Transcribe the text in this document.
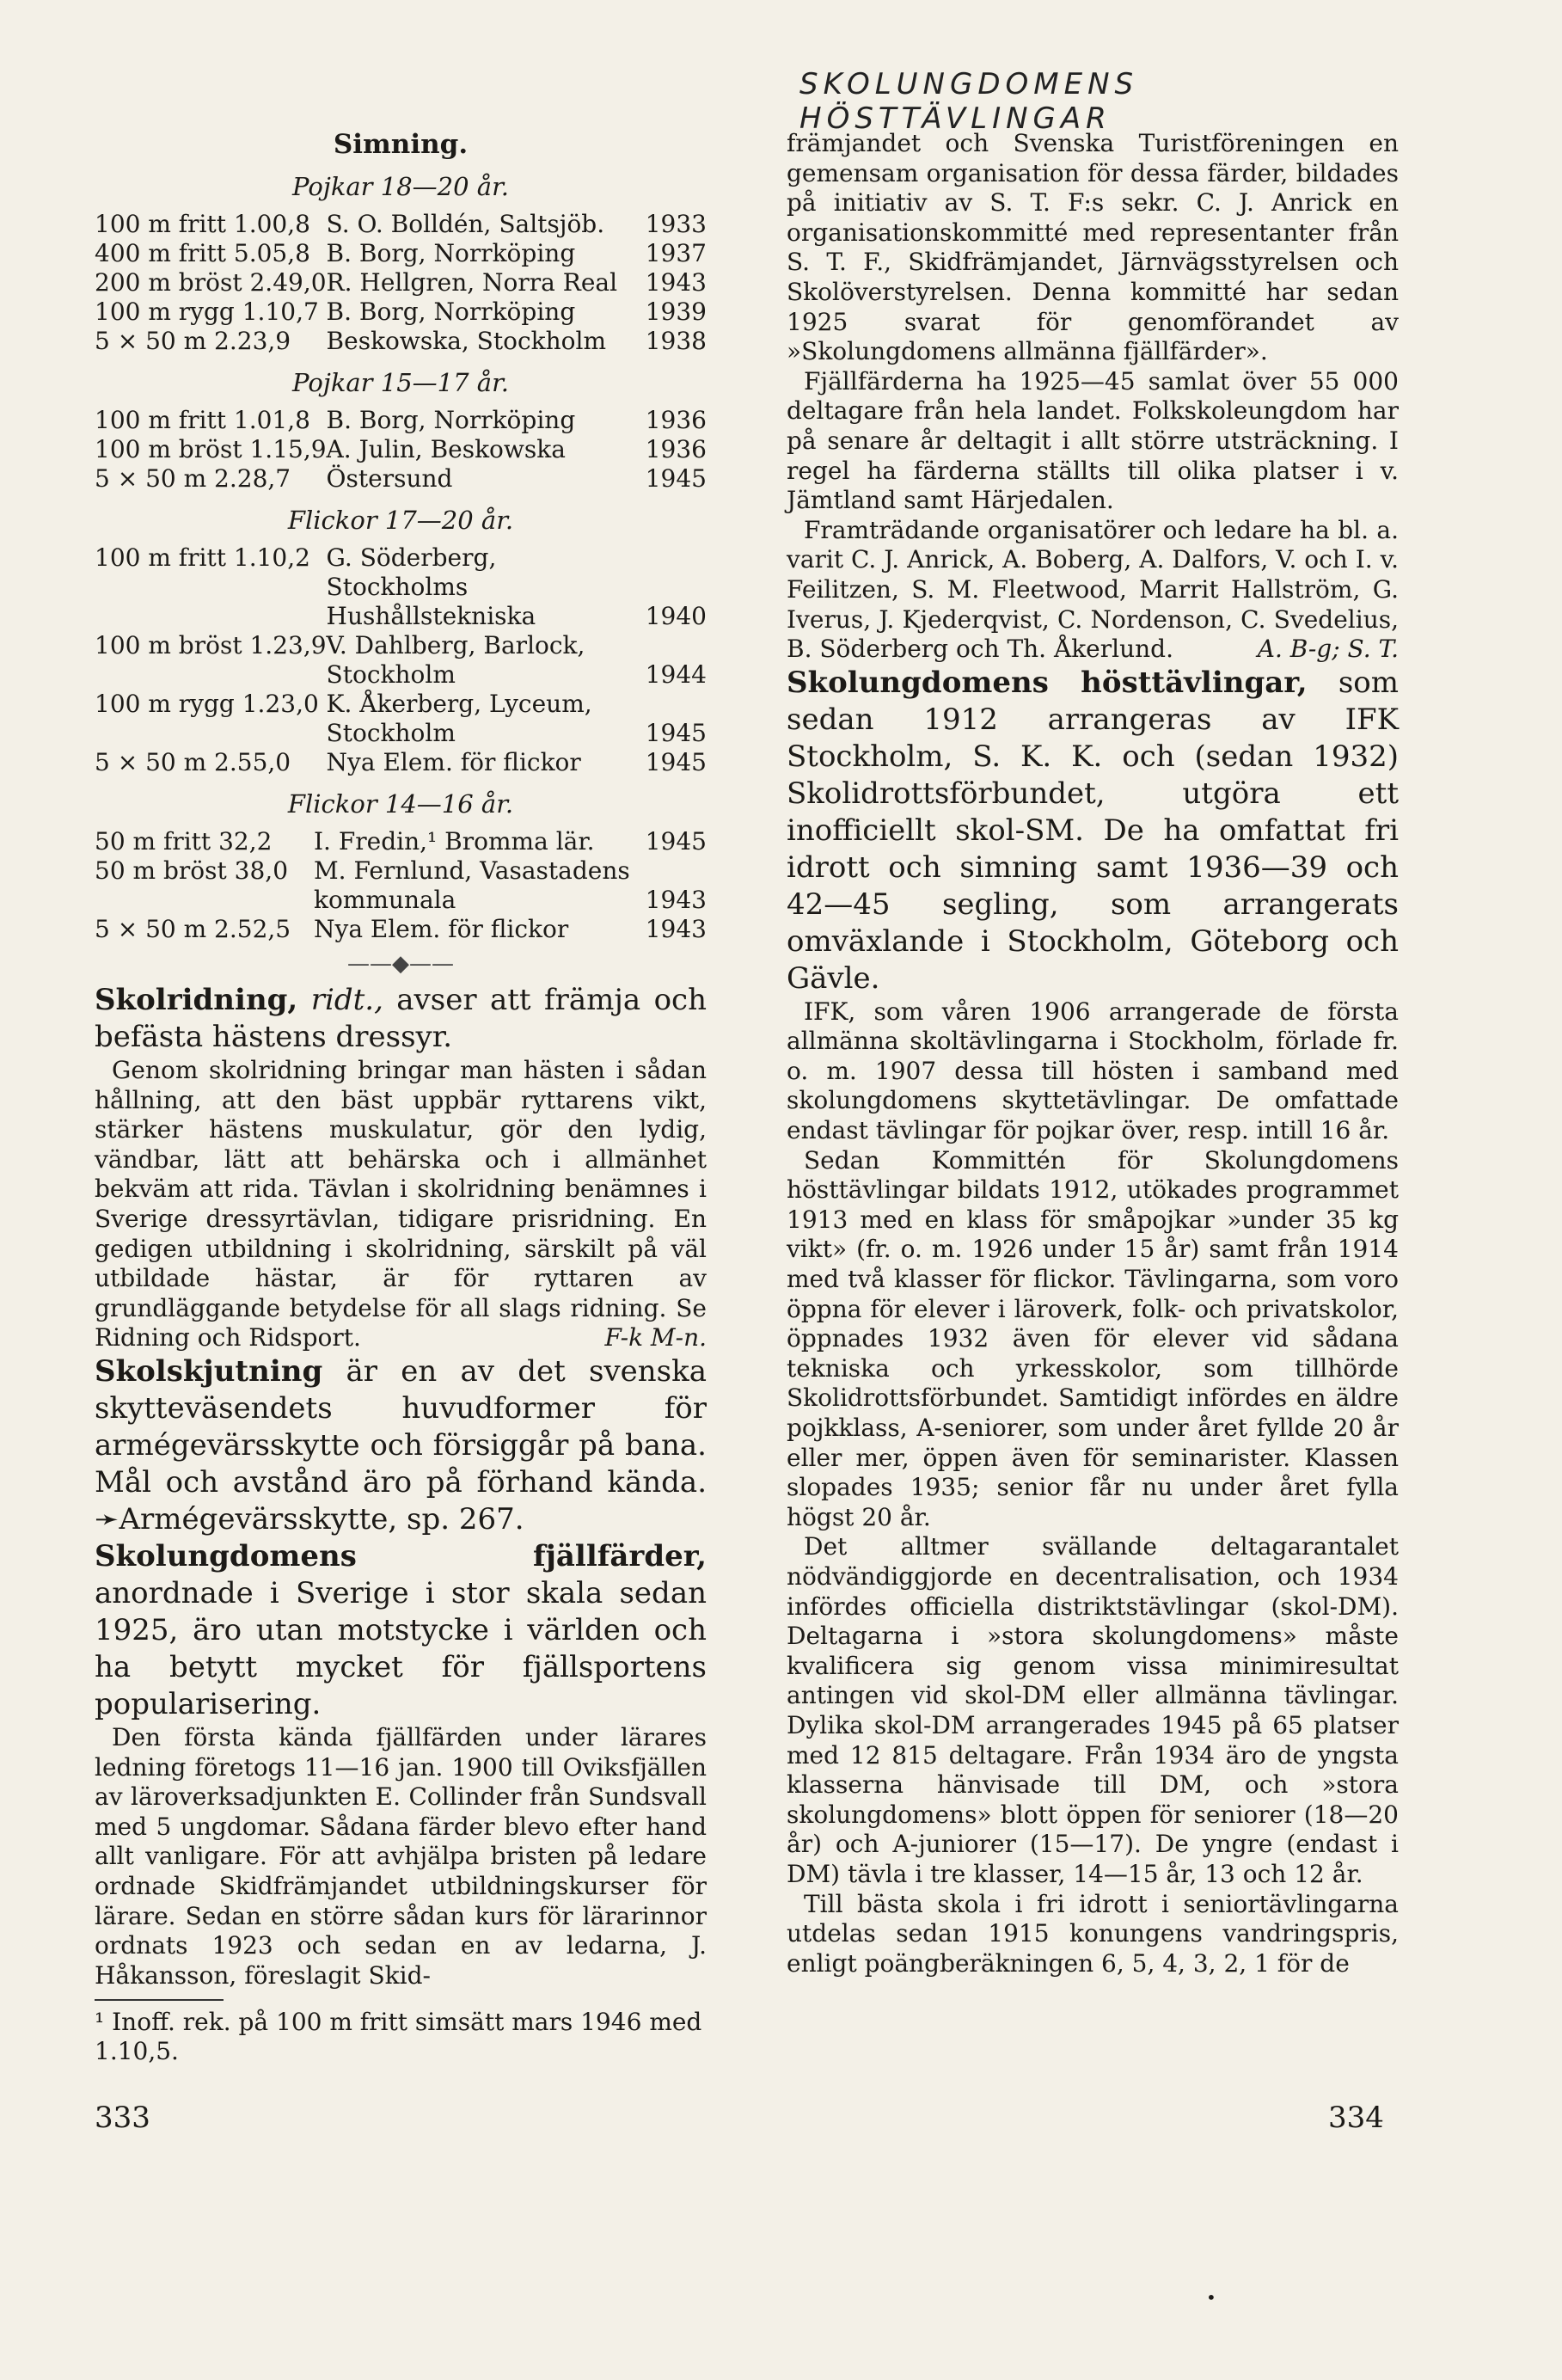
SKOLUNGDOMENS HÖSTTÄVLINGAR
Simning.
Pojkar 18—20 år.
100 m fritt 1.00,8	S. O. Bolldén, Saltsjöb.	1933
400 m fritt 5.05,8	B. Borg, Norrköping	1937
200 m bröst 2.49,0	R. Hellgren, Norra Real	1943
100 m rygg 1.10,7	B. Borg, Norrköping	1939
5 × 50 m 2.23,9	Beskowska, Stockholm	1938
Pojkar 15—17 år.
100 m fritt 1.01,8	B. Borg, Norrköping	1936
100 m bröst 1.15,9	A. Julin, Beskowska	1936
5 × 50 m 2.28,7	Östersund	1945
Flickor 17—20 år.
100 m fritt 1.10,2	G. Söderberg, Stockholms Hushållstekniska	1940
100 m bröst 1.23,9	V. Dahlberg, Barlock, Stockholm	1944
100 m rygg 1.23,0	K. Åkerberg, Lyceum, Stockholm	1945
5 × 50 m 2.55,0	Nya Elem. för flickor	1945
Flickor 14—16 år.
50 m fritt 32,2	I. Fredin,¹ Bromma lär.	1945
50 m bröst 38,0	M. Fernlund, Vasastadens kommunala	1943
5 × 50 m 2.52,5	Nya Elem. för flickor	1943
——◆——

Skolridning, ridt., avser att främja och befästa hästens dressyr.

Genom skolridning bringar man hästen i sådan hållning, att den bäst uppbär ryttarens vikt, stärker hästens muskulatur, gör den lydig, vändbar, lätt att behärska och i allmänhet bekväm att rida. Tävlan i skolridning benämnes i Sverige dressyrtävlan, tidigare prisridning. En gedigen utbildning i skolridning, särskilt på väl utbildade hästar, är för ryttaren av grundläggande betydelse för all slags ridning. Se Ridning och Ridsport.	F-k M-n.

Skolskjutning är en av det svenska skytteväsendets huvudformer för armégevärsskytte och försiggår på bana. Mål och avstånd äro på förhand kända. ➛Armégevärsskytte, sp. 267.

Skolungdomens fjällfärder, anordnade i Sverige i stor skala sedan 1925, äro utan motstycke i världen och ha betytt mycket för fjällsportens popularisering.

Den första kända fjällfärden under lärares ledning företogs 11—16 jan. 1900 till Oviksfjällen av läroverksadjunkten E. Collinder från Sundsvall med 5 ungdomar. Sådana färder blevo efter hand allt vanligare. För att avhjälpa bristen på ledare ordnade Skidfrämjandet utbildningskurser för lärare. Sedan en större sådan kurs för lärarinnor ordnats 1923 och sedan en av ledarna, J. Håkansson, föreslagit Skid-

¹ Inoff. rek. på 100 m fritt simsätt mars 1946 med 1.10,5.

främjandet och Svenska Turistföreningen en gemensam organisation för dessa färder, bildades på initiativ av S. T. F:s sekr. C. J. Anrick en organisationskommitté med representanter från S. T. F., Skidfrämjandet, Järnvägsstyrelsen och Skolöverstyrelsen. Denna kommitté har sedan 1925 svarat för genomförandet av »Skolungdomens allmänna fjällfärder».

Fjällfärderna ha 1925—45 samlat över 55 000 deltagare från hela landet. Folkskoleungdom har på senare år deltagit i allt större utsträckning. I regel ha färderna ställts till olika platser i v. Jämtland samt Härjedalen.

Framträdande organisatörer och ledare ha bl. a. varit C. J. Anrick, A. Boberg, A. Dalfors, V. och I. v. Feilitzen, S. M. Fleetwood, Marrit Hallström, G. Iverus, J. Kjederqvist, C. Nordenson, C. Svedelius, B. Söderberg och Th. Åkerlund.	A. B-g; S. T.

Skolungdomens hösttävlingar, som sedan 1912 arrangeras av IFK Stockholm, S. K. K. och (sedan 1932) Skolidrottsförbundet, utgöra ett inofficiellt skol-SM. De ha omfattat fri idrott och simning samt 1936—39 och 42—45 segling, som arrangerats omväxlande i Stockholm, Göteborg och Gävle.

IFK, som våren 1906 arrangerade de första allmänna skoltävlingarna i Stockholm, förlade fr. o. m. 1907 dessa till hösten i samband med skolungdomens skyttetävlingar. De omfattade endast tävlingar för pojkar över, resp. intill 16 år.

Sedan Kommittén för Skolungdomens hösttävlingar bildats 1912, utökades programmet 1913 med en klass för småpojkar »under 35 kg vikt» (fr. o. m. 1926 under 15 år) samt från 1914 med två klasser för flickor. Tävlingarna, som voro öppna för elever i läroverk, folk- och privatskolor, öppnades 1932 även för elever vid sådana tekniska och yrkesskolor, som tillhörde Skolidrottsförbundet. Samtidigt infördes en äldre pojkklass, A-seniorer, som under året fyllde 20 år eller mer, öppen även för seminarister. Klassen slopades 1935; senior får nu under året fylla högst 20 år.

Det alltmer svällande deltagarantalet nödvändiggjorde en decentralisation, och 1934 infördes officiella distriktstävlingar (skol-DM). Deltagarna i »stora skolungdomens» måste kvalificera sig genom vissa minimiresultat antingen vid skol-DM eller allmänna tävlingar. Dylika skol-DM arrangerades 1945 på 65 platser med 12 815 deltagare. Från 1934 äro de yngsta klasserna hänvisade till DM, och »stora skolungdomens» blott öppen för seniorer (18—20 år) och A-juniorer (15—17). De yngre (endast i DM) tävla i tre klasser, 14—15 år, 13 och 12 år.

Till bästa skola i fri idrott i seniortävlingarna utdelas sedan 1915 konungens vandringspris, enligt poängberäkningen 6, 5, 4, 3, 2, 1 för de

333	334
•
